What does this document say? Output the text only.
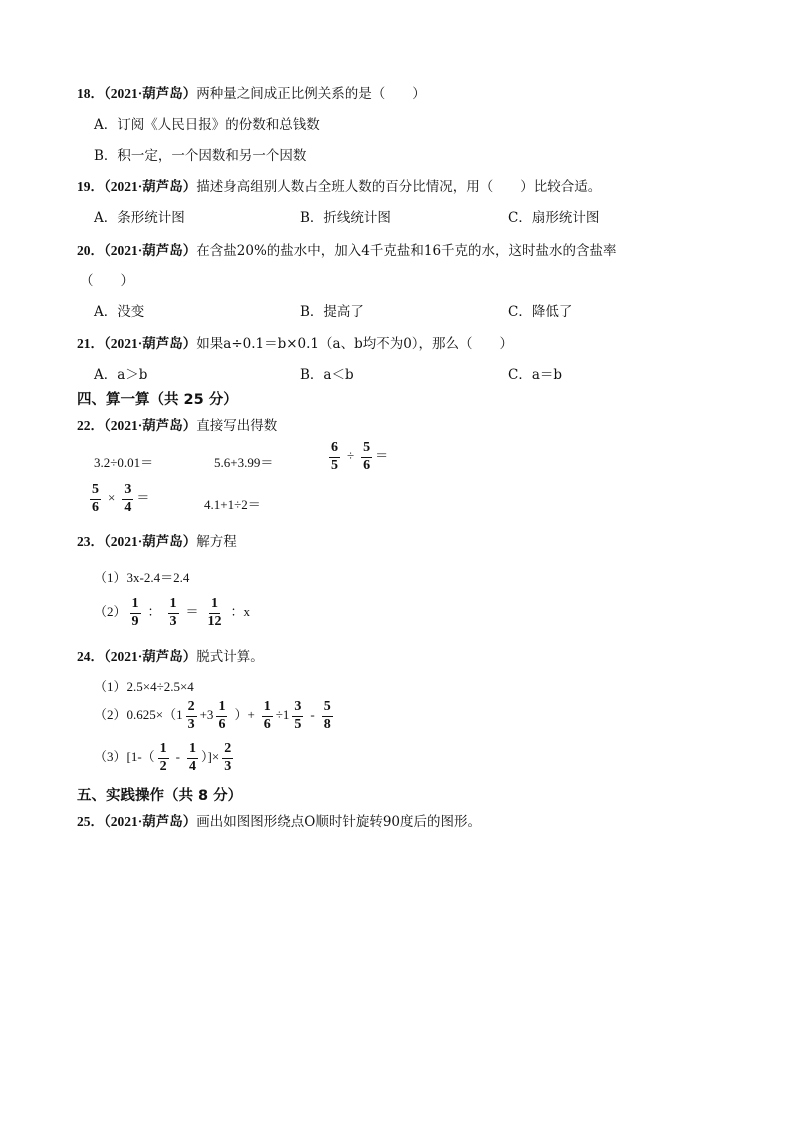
18．（2021·葫芦岛）两种量之间成正比例关系的是（　　）
A．订阅《人民日报》的份数和总钱数
B．积一定，一个因数和另一个因数
19．（2021·葫芦岛）描述身高组别人数占全班人数的百分比情况，用（　　）比较合适。
A．条形统计图	B．折线统计图	C．扇形统计图
20．（2021·葫芦岛）在含盐20%的盐水中，加入4千克盐和16千克的水，这时盐水的含盐率
（　　）
A．没变	B．提高了	C．降低了
21．（2021·葫芦岛）如果a÷0.1＝b×0.1（a、b均不为0），那么（　　）
A．a＞b	B．a＜b	C．a＝b
四、算一算（共 25 分）
22．（2021·葫芦岛）直接写出得数
3.2÷0.01＝	5.6+3.99＝	$\frac{6}{5} \div \frac{5}{6}$ ＝
$\frac{5}{6} \times \frac{3}{4}$ ＝	4.1+1÷2＝
23．（2021·葫芦岛）解方程
（1）3x-2.4＝2.4
$(2) \frac{1}{9}$ ： $\frac{1}{3} = \frac{1}{12}$ ：x
24．（2021·葫芦岛）脱式计算。
（1）2.5×4÷2.5×4
$(2)0.625\times(1 \frac{2}{3} +3 \frac{1}{6}$ ）+ $\frac{1}{6} \div 1 \frac{3}{5} - \frac{5}{8}$
$(3)[1-( \frac{1}{2} - \frac{1}{4}$ ）]× $\frac{2}{3}$
五、实践操作（共 8 分）
25．（2021·葫芦岛）画出如图图形绕点O顺时针旋转90度后的图形。
